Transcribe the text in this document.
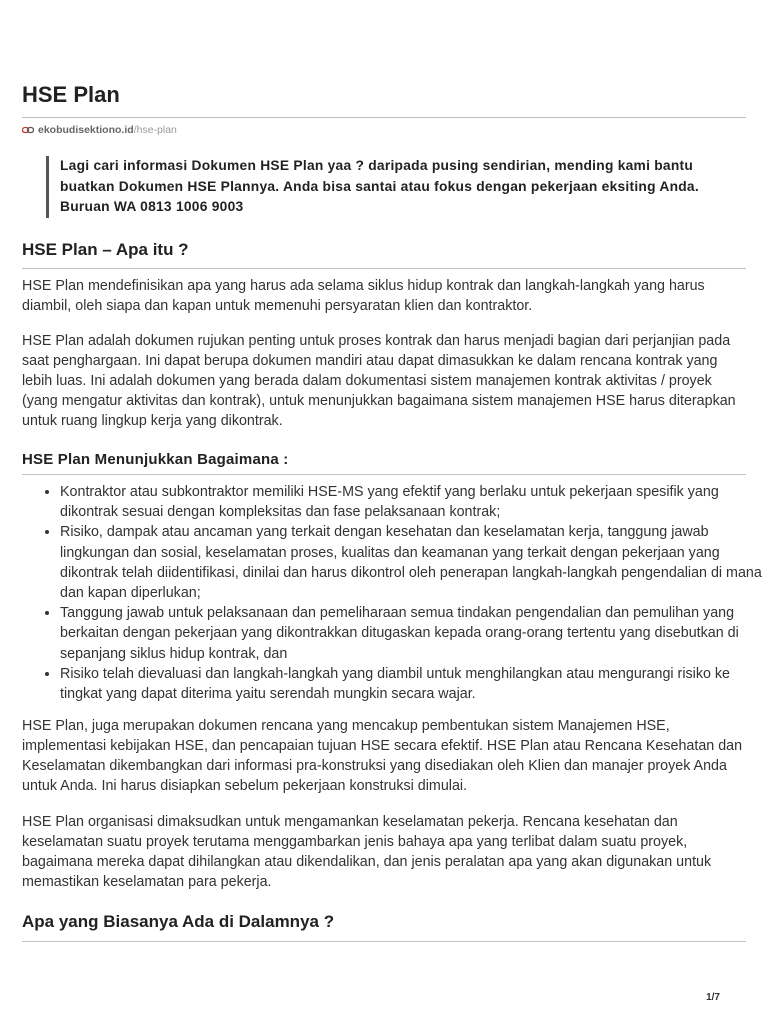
HSE Plan
ekobudisektiono.id /hse-plan
Lagi cari informasi Dokumen HSE Plan yaa ? daripada pusing sendirian, mending kami bantu buatkan Dokumen HSE Plannya. Anda bisa santai atau fokus dengan pekerjaan eksiting Anda. Buruan WA 0813 1006 9003
HSE Plan – Apa itu ?

HSE Plan mendefinisikan apa yang harus ada selama siklus hidup kontrak dan langkah-langkah yang harus diambil, oleh siapa dan kapan untuk memenuhi persyaratan klien dan kontraktor.

HSE Plan adalah dokumen rujukan penting untuk proses kontrak dan harus menjadi bagian dari perjanjian pada saat penghargaan. Ini dapat berupa dokumen mandiri atau dapat dimasukkan ke dalam rencana kontrak yang lebih luas. Ini adalah dokumen yang berada dalam dokumentasi sistem manajemen kontrak aktivitas / proyek (yang mengatur aktivitas dan kontrak), untuk menunjukkan bagaimana sistem manajemen HSE harus diterapkan untuk ruang lingkup kerja yang dikontrak.

HSE Plan Menunjukkan Bagaimana :
• Kontraktor atau subkontraktor memiliki HSE-MS yang efektif yang berlaku untuk pekerjaan spesifik yang dikontrak sesuai dengan kompleksitas dan fase pelaksanaan kontrak;
• Risiko, dampak atau ancaman yang terkait dengan kesehatan dan keselamatan kerja, tanggung jawab lingkungan dan sosial, keselamatan proses, kualitas dan keamanan yang terkait dengan pekerjaan yang dikontrak telah diidentifikasi, dinilai dan harus dikontrol oleh penerapan langkah-langkah pengendalian di mana dan kapan diperlukan;
• Tanggung jawab untuk pelaksanaan dan pemeliharaan semua tindakan pengendalian dan pemulihan yang berkaitan dengan pekerjaan yang dikontrakkan ditugaskan kepada orang-orang tertentu yang disebutkan di sepanjang siklus hidup kontrak, dan
• Risiko telah dievaluasi dan langkah-langkah yang diambil untuk menghilangkan atau mengurangi risiko ke tingkat yang dapat diterima yaitu serendah mungkin secara wajar.

HSE Plan, juga merupakan dokumen rencana yang mencakup pembentukan sistem Manajemen HSE, implementasi kebijakan HSE, dan pencapaian tujuan HSE secara efektif. HSE Plan atau Rencana Kesehatan dan Keselamatan dikembangkan dari informasi pra-konstruksi yang disediakan oleh Klien dan manajer proyek Anda untuk Anda. Ini harus disiapkan sebelum pekerjaan konstruksi dimulai.

HSE Plan organisasi dimaksudkan untuk mengamankan keselamatan pekerja. Rencana kesehatan dan keselamatan suatu proyek terutama menggambarkan jenis bahaya apa yang terlibat dalam suatu proyek, bagaimana mereka dapat dihilangkan atau dikendalikan, dan jenis peralatan apa yang akan digunakan untuk memastikan keselamatan para pekerja.

Apa yang Biasanya Ada di Dalamnya ?
1/7
